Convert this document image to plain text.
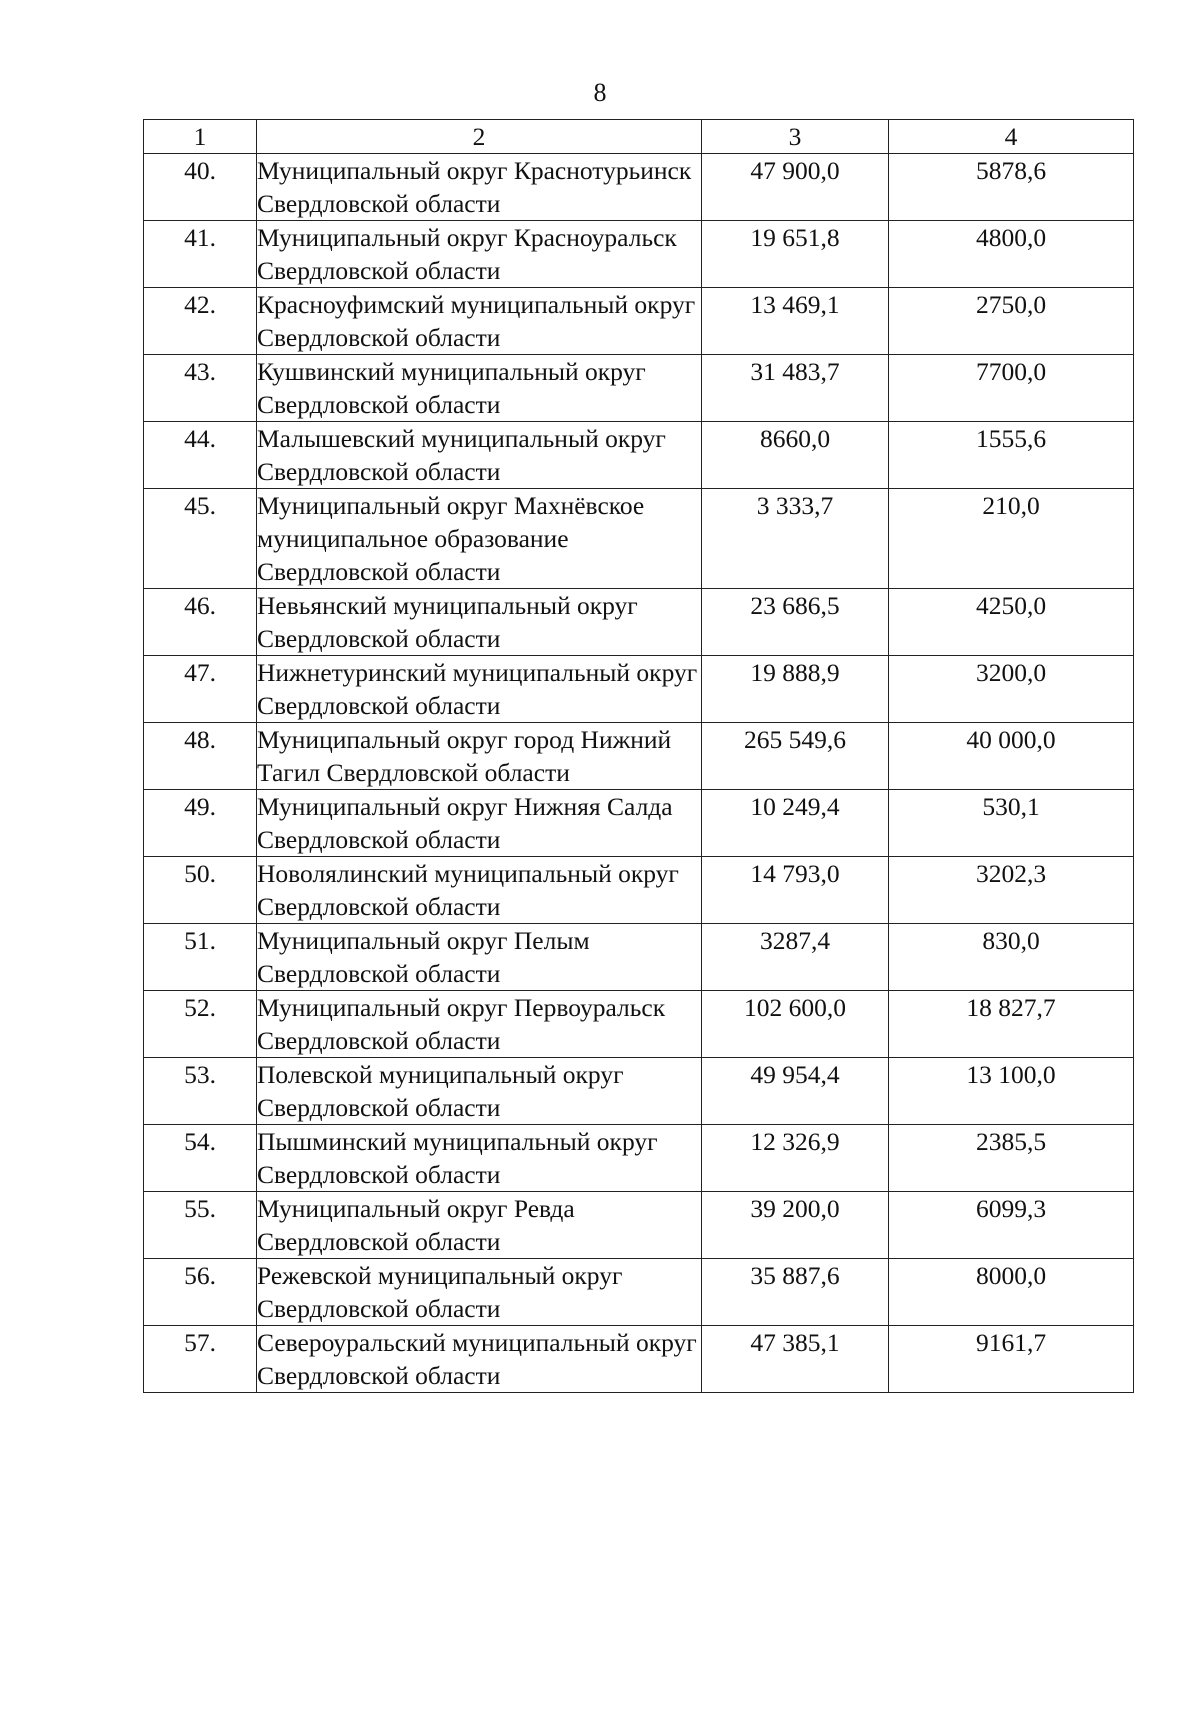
8
1	2	3	4
40.	Муниципальный округ Краснотурьинск Свердловской области	47 900,0	5878,6
41.	Муниципальный округ Красноуральск Свердловской области	19 651,8	4800,0
42.	Красноуфимский муниципальный округ Свердловской области	13 469,1	2750,0
43.	Кушвинский муниципальный округ Свердловской области	31 483,7	7700,0
44.	Малышевский муниципальный округ Свердловской области	8660,0	1555,6
45.	Муниципальный округ Махнёвское муниципальное образование Свердловской области	3 333,7	210,0
46.	Невьянский муниципальный округ Свердловской области	23 686,5	4250,0
47.	Нижнетуринский муниципальный округ Свердловской области	19 888,9	3200,0
48.	Муниципальный округ город Нижний Тагил Свердловской области	265 549,6	40 000,0
49.	Муниципальный округ Нижняя Салда Свердловской области	10 249,4	530,1
50.	Новолялинский муниципальный округ Свердловской области	14 793,0	3202,3
51.	Муниципальный округ Пелым Свердловской области	3287,4	830,0
52.	Муниципальный округ Первоуральск Свердловской области	102 600,0	18 827,7
53.	Полевской муниципальный округ Свердловской области	49 954,4	13 100,0
54.	Пышминский муниципальный округ Свердловской области	12 326,9	2385,5
55.	Муниципальный округ Ревда Свердловской области	39 200,0	6099,3
56.	Режевской муниципальный округ Свердловской области	35 887,6	8000,0
57.	Североуральский муниципальный округ Свердловской области	47 385,1	9161,7
